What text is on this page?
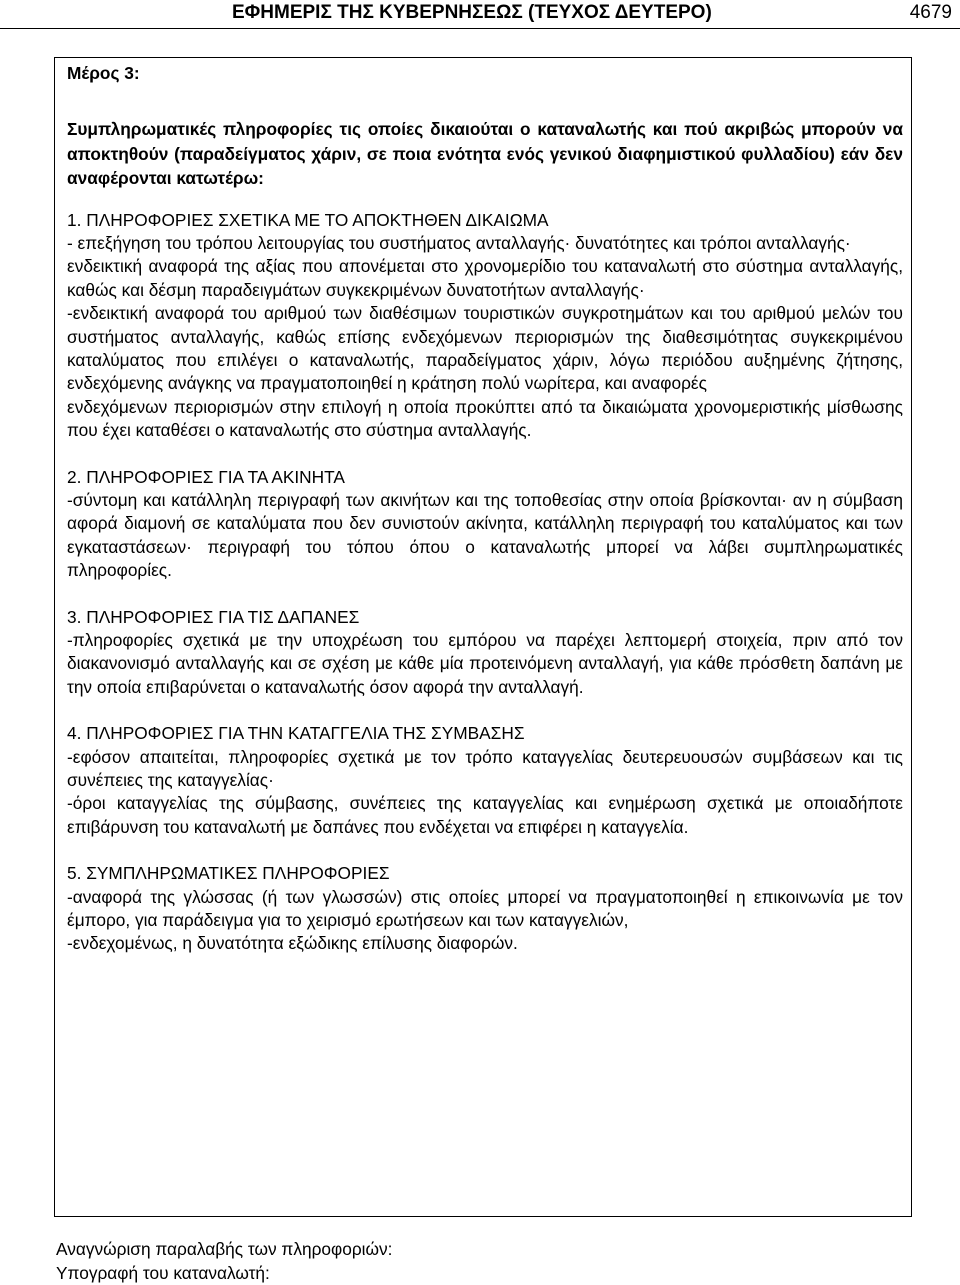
ΕΦΗΜΕΡΙΣ ΤΗΣ ΚΥΒΕΡΝΗΣΕΩΣ (ΤΕΥΧΟΣ ΔΕΥΤΕΡΟ)	4679

Μέρος 3:

Συμπληρωματικές πληροφορίες τις οποίες δικαιούται ο καταναλωτής και πού ακριβώς μπορούν να αποκτηθούν (παραδείγματος χάριν, σε ποια ενότητα ενός γενικού διαφημιστικού φυλλαδίου) εάν δεν αναφέρονται κατωτέρω:

1. ΠΛΗΡΟΦΟΡΙΕΣ ΣΧΕΤΙΚΑ ΜΕ ΤΟ ΑΠΟΚΤΗΘΕΝ ΔΙΚΑΙΩΜΑ

- επεξήγηση του τρόπου λειτουργίας του συστήματος ανταλλαγής· δυνατότητες και τρόποι ανταλλαγής·

ενδεικτική αναφορά της αξίας που απονέμεται στο χρονομερίδιο του καταναλωτή στο σύστημα ανταλλαγής, καθώς και δέσμη παραδειγμάτων συγκεκριμένων δυνατοτήτων ανταλλαγής·

-ενδεικτική αναφορά του αριθμού των διαθέσιμων τουριστικών συγκροτημάτων και του αριθμού μελών του συστήματος ανταλλαγής, καθώς επίσης ενδεχόμενων περιορισμών της διαθεσιμότητας συγκεκριμένου καταλύματος που επιλέγει ο καταναλωτής, παραδείγματος χάριν, λόγω περιόδου αυξημένης ζήτησης, ενδεχόμενης ανάγκης να πραγματοποιηθεί η κράτηση πολύ νωρίτερα, και αναφορές

ενδεχόμενων περιορισμών στην επιλογή η οποία προκύπτει από τα δικαιώματα χρονομεριστικής μίσθωσης που έχει καταθέσει ο καταναλωτής στο σύστημα ανταλλαγής.

2. ΠΛΗΡΟΦΟΡΙΕΣ ΓΙΑ ΤΑ ΑΚΙΝΗΤΑ

-σύντομη και κατάλληλη περιγραφή των ακινήτων και της τοποθεσίας στην οποία βρίσκονται· αν η σύμβαση αφορά διαμονή σε καταλύματα που δεν συνιστούν ακίνητα, κατάλληλη περιγραφή του καταλύματος και των εγκαταστάσεων· περιγραφή του τόπου όπου ο καταναλωτής μπορεί να λάβει συμπληρωματικές πληροφορίες.

3. ΠΛΗΡΟΦΟΡΙΕΣ ΓΙΑ ΤΙΣ ΔΑΠΑΝΕΣ

-πληροφορίες σχετικά με την υποχρέωση του εμπόρου να παρέχει λεπτομερή στοιχεία, πριν από τον διακανονισμό ανταλλαγής και σε σχέση με κάθε μία προτεινόμενη ανταλλαγή, για κάθε πρόσθετη δαπάνη με την οποία επιβαρύνεται ο καταναλωτής όσον αφορά την ανταλλαγή.

4. ΠΛΗΡΟΦΟΡΙΕΣ ΓΙΑ ΤΗΝ ΚΑΤΑΓΓΕΛΙΑ ΤΗΣ ΣΥΜΒΑΣΗΣ

-εφόσον απαιτείται, πληροφορίες σχετικά με τον τρόπο καταγγελίας δευτερευουσών συμβάσεων και τις συνέπειες της καταγγελίας·

-όροι καταγγελίας της σύμβασης, συνέπειες της καταγγελίας και ενημέρωση σχετικά με οποιαδήποτε επιβάρυνση του καταναλωτή με δαπάνες που ενδέχεται να επιφέρει η καταγγελία.

5. ΣΥΜΠΛΗΡΩΜΑΤΙΚΕΣ ΠΛΗΡΟΦΟΡΙΕΣ

-αναφορά της γλώσσας (ή των γλωσσών) στις οποίες μπορεί να πραγματοποιηθεί η επικοινωνία με τον έμπορο, για παράδειγμα για το χειρισμό ερωτήσεων και των καταγγελιών,

-ενδεχομένως, η δυνατότητα εξώδικης επίλυσης διαφορών.

Αναγνώριση παραλαβής των πληροφοριών:
Υπογραφή του καταναλωτή:
